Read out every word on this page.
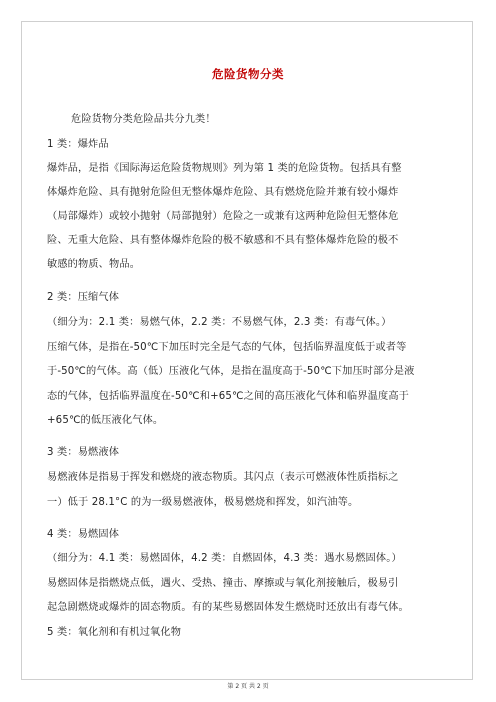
危险货物分类
危险货物分类危险品共分九类！
1 类：爆炸品
爆炸品，是指《国际海运危险货物规则》列为第 1 类的危险货物。包括具有整
体爆炸危险、具有抛射危险但无整体爆炸危险、具有燃烧危险并兼有较小爆炸
（局部爆炸）或较小抛射（局部抛射）危险之一或兼有这两种危险但无整体危
险、无重大危险、具有整体爆炸危险的极不敏感和不具有整体爆炸危险的极不
敏感的物质、物品。
2 类：压缩气体
（细分为：2.1 类：易燃气体，2.2 类：不易燃气体，2.3 类：有毒气体。）
压缩气体，是指在-50℃下加压时完全是气态的气体，包括临界温度低于或者等
于-50℃的气体。高（低）压液化气体，是指在温度高于-50℃下加压时部分是液
态的气体，包括临界温度在-50℃和+65℃之间的高压液化气体和临界温度高于
+65℃的低压液化气体。
3 类：易燃液体
易燃液体是指易于挥发和燃烧的液态物质。其闪点（表示可燃液体性质指标之
一）低于 28.1°C 的为一级易燃液体，极易燃烧和挥发，如汽油等。
4 类：易燃固体
（细分为：4.1 类：易燃固体，4.2 类：自燃固体，4.3 类：遇水易燃固体。）
易燃固体是指燃烧点低，遇火、受热、撞击、摩擦或与氧化剂接触后，极易引
起急剧燃烧或爆炸的固态物质。有的某些易燃固体发生燃烧时还放出有毒气体。
5 类：氧化剂和有机过氧化物
第 2 页 共 2 页
